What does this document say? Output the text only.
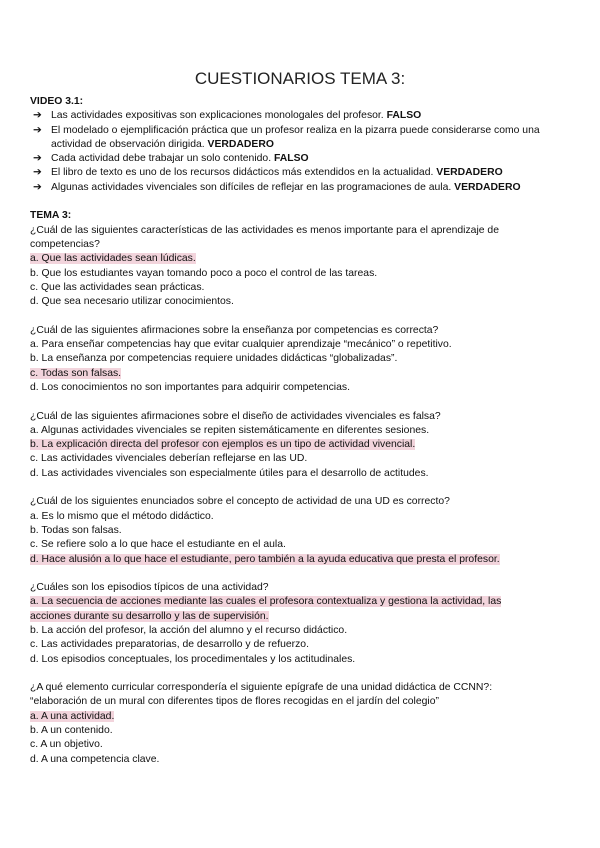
CUESTIONARIOS TEMA 3:
VIDEO 3.1:
➔ Las actividades expositivas son explicaciones monologales del profesor. FALSO
➔ El modelado o ejemplificación práctica que un profesor realiza en la pizarra puede considerarse como una actividad de observación dirigida. VERDADERO
➔ Cada actividad debe trabajar un solo contenido. FALSO
➔ El libro de texto es uno de los recursos didácticos más extendidos en la actualidad. VERDADERO
➔ Algunas actividades vivenciales son difíciles de reflejar en las programaciones de aula. VERDADERO
TEMA 3:
¿Cuál de las siguientes características de las actividades es menos importante para el aprendizaje de
competencias?
a. Que las actividades sean lúdicas.
b. Que los estudiantes vayan tomando poco a poco el control de las tareas.
c. Que las actividades sean prácticas.
d. Que sea necesario utilizar conocimientos.
¿Cuál de las siguientes afirmaciones sobre la enseñanza por competencias es correcta?
a. Para enseñar competencias hay que evitar cualquier aprendizaje “mecánico” o repetitivo.
b. La enseñanza por competencias requiere unidades didácticas “globalizadas”.
c. Todas son falsas.
d. Los conocimientos no son importantes para adquirir competencias.
¿Cuál de las siguientes afirmaciones sobre el diseño de actividades vivenciales es falsa?
a. Algunas actividades vivenciales se repiten sistemáticamente en diferentes sesiones.
b. La explicación directa del profesor con ejemplos es un tipo de actividad vivencial.
c. Las actividades vivenciales deberían reflejarse en las UD.
d. Las actividades vivenciales son especialmente útiles para el desarrollo de actitudes.
¿Cuál de los siguientes enunciados sobre el concepto de actividad de una UD es correcto?
a. Es lo mismo que el método didáctico.
b. Todas son falsas.
c. Se refiere solo a lo que hace el estudiante en el aula.
d. Hace alusión a lo que hace el estudiante, pero también a la ayuda educativa que presta el profesor.
¿Cuáles son los episodios típicos de una actividad?
a. La secuencia de acciones mediante las cuales el profesora contextualiza y gestiona la actividad, las
acciones durante su desarrollo y las de supervisión.
b. La acción del profesor, la acción del alumno y el recurso didáctico.
c. Las actividades preparatorias, de desarrollo y de refuerzo.
d. Los episodios conceptuales, los procedimentales y los actitudinales.
¿A qué elemento curricular correspondería el siguiente epígrafe de una unidad didáctica de CCNN?:
“elaboración de un mural con diferentes tipos de flores recogidas en el jardín del colegio”
a. A una actividad.
b. A un contenido.
c. A un objetivo.
d. A una competencia clave.
